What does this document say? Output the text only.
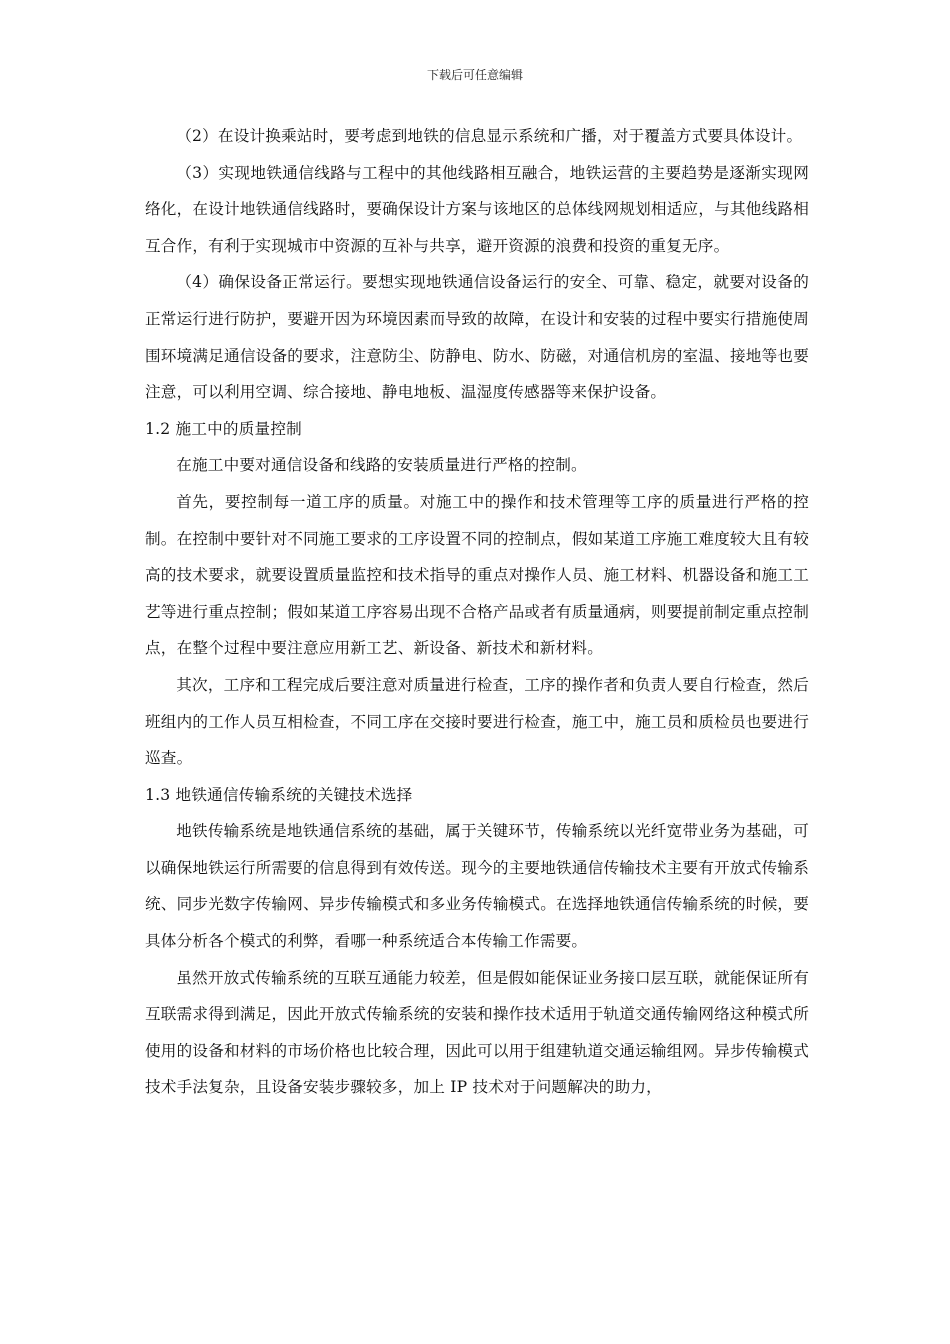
下载后可任意编辑

（2）在设计换乘站时，要考虑到地铁的信息显示系统和广播，对于覆盖方式要具体设计。

（3）实现地铁通信线路与工程中的其他线路相互融合，地铁运营的主要趋势是逐渐实现网络化，在设计地铁通信线路时，要确保设计方案与该地区的总体线网规划相适应，与其他线路相互合作，有利于实现城市中资源的互补与共享，避开资源的浪费和投资的重复无序。

（4）确保设备正常运行。要想实现地铁通信设备运行的安全、可靠、稳定，就要对设备的正常运行进行防护，要避开因为环境因素而导致的故障，在设计和安装的过程中要实行措施使周围环境满足通信设备的要求，注意防尘、防静电、防水、防磁，对通信机房的室温、接地等也要注意，可以利用空调、综合接地、静电地板、温湿度传感器等来保护设备。

1.2 施工中的质量控制

在施工中要对通信设备和线路的安装质量进行严格的控制。

首先，要控制每一道工序的质量。对施工中的操作和技术管理等工序的质量进行严格的控制。在控制中要针对不同施工要求的工序设置不同的控制点，假如某道工序施工难度较大且有较高的技术要求，就要设置质量监控和技术指导的重点对操作人员、施工材料、机器设备和施工工艺等进行重点控制；假如某道工序容易出现不合格产品或者有质量通病，则要提前制定重点控制点，在整个过程中要注意应用新工艺、新设备、新技术和新材料。

其次，工序和工程完成后要注意对质量进行检查，工序的操作者和负责人要自行检查，然后班组内的工作人员互相检查，不同工序在交接时要进行检查，施工中，施工员和质检员也要进行巡查。

1.3 地铁通信传输系统的关键技术选择

地铁传输系统是地铁通信系统的基础，属于关键环节，传输系统以光纤宽带业务为基础，可以确保地铁运行所需要的信息得到有效传送。现今的主要地铁通信传输技术主要有开放式传输系统、同步光数字传输网、异步传输模式和多业务传输模式。在选择地铁通信传输系统的时候，要具体分析各个模式的利弊，看哪一种系统适合本传输工作需要。

虽然开放式传输系统的互联互通能力较差，但是假如能保证业务接口层互联，就能保证所有互联需求得到满足，因此开放式传输系统的安装和操作技术适用于轨道交通传输网络这种模式所使用的设备和材料的市场价格也比较合理，因此可以用于组建轨道交通运输组网。异步传输模式技术手法复杂，且设备安装步骤较多，加上 IP 技术对于问题解决的助力，
